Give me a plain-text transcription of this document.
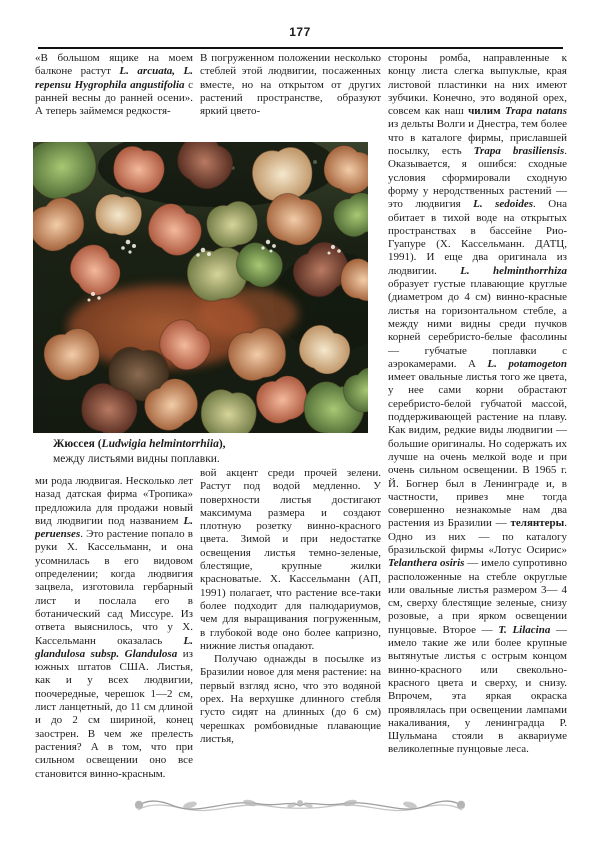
177
«В большом ящике на моем балконе растут L. arcuata, L. repensu Hygrophila angustifolia с ранней весны до ранней осени». А теперь займемся редкостя-
ми рода людвигая. Несколько лет назад датская фирма «Тропика» предложила для продажи новый вид людвигии под названием L. peruenses. Это растение попало в руки Х. Кассельманн, и она усомнилась в его видовом определении; когда людвигия зацвела, изготовила гербарный лист и послала его в ботанический сад Миссуре. Из ответа выяснилось, что у Х. Кассельманн оказалась L. glandulosa subsp. Glandulosa из южных штатов США. Листья, как и у всех людвигии, поочередные, черешок 1—2 см, лист ланцетный, до 11 см длиной и до 2 см шириной, конец заострен. В чем же прелесть растения? А в том, что при сильном освещении оно все становится винно-красным.
В погруженном положении несколько стеблей этой людвигии, посаженных вместе, но на открытом от других растений пространстве, образуют яркий цвето-
вой акцент среди прочей зелени. Растут под водой медленно. У поверхности листья достигают максимума размера и создают плотную розетку винно-красного цвета. Зимой и при недостатке освещения листья темно-зеленые, блестящие, крупные жилки красноватые. Х. Кассельманн (АП, 1991) полагает, что растение все-таки более подходит для палюдариумов, чем для выращивания погруженным, в глубокой воде оно более капризно, нижние листья опадают.
Получаю однажды в посылке из Бразилии новое для меня растение: на первый взгляд ясно, что это водяной орех. На верхушке длинного стебля густо сидят на длинных (до 6 см) черешках ромбовидные плавающие листья,
стороны ромба, направленные к концу листа слегка выпуклые, края листовой пластинки на них имеют зубчики. Конечно, это водяной орех, совсем как наш чилим Trapa natans из дельты Волги и Днестра, тем более что в каталоге фирмы, приславшей посылку, есть Trapa brasiliensis. Оказывается, я ошибся: сходные условия сформировали сходную форму у неродственных растений — это людвигия L. sedoides. Она обитает в тихой воде на открытых пространствах в бассейне Рио-Гуапуре (Х. Кассельманн. ДАТЦ, 1991). И еще два оригинала из людвигии. L. helminthorrhiza образует густые плавающие круглые (диаметром до 4 см) винно-красные листья на горизонтальном стебле, а между ними видны среди пучков корней серебристо-белые фасолины — губчатые поплавки с аэрокамерами. А L. potamogeton имеет овальные листья того же цвета, у нее сами корни обрастают серебристо-белой губчатой массой, поддерживающей растение на плаву. Как видим, редкие виды людвигии — большие оригиналы. Но содержать их лучше на очень мелкой воде и при очень сильном освещении. В 1965 г. Й. Богнер был в Ленинграде и, в частности, привез мне тогда совершенно незнакомые нам два растения из Бразилии — телянтеры. Одно из них — по каталогу бразильской фирмы «Лотус Осирис» Telanthera osiris — имело супротивно расположенные на стебле округлые или овальные листья размером 3— 4 см, сверху блестящие зеленые, снизу розовые, а при ярком освещении пунцовые. Второе — T. Lilacina — имело такие же или более крупные вытянутые листья с острым концом винно-красного или свекольно-красного цвета и сверху, и снизу. Впрочем, эта яркая окраска проявлялась при освещении лампами накаливания, у ленинградца Р. Шульмана стояли в аквариуме великолепные пунцовые леса.
Жюссея (Ludwigia helmintorrhiia),
между листьями видны поплавки.
